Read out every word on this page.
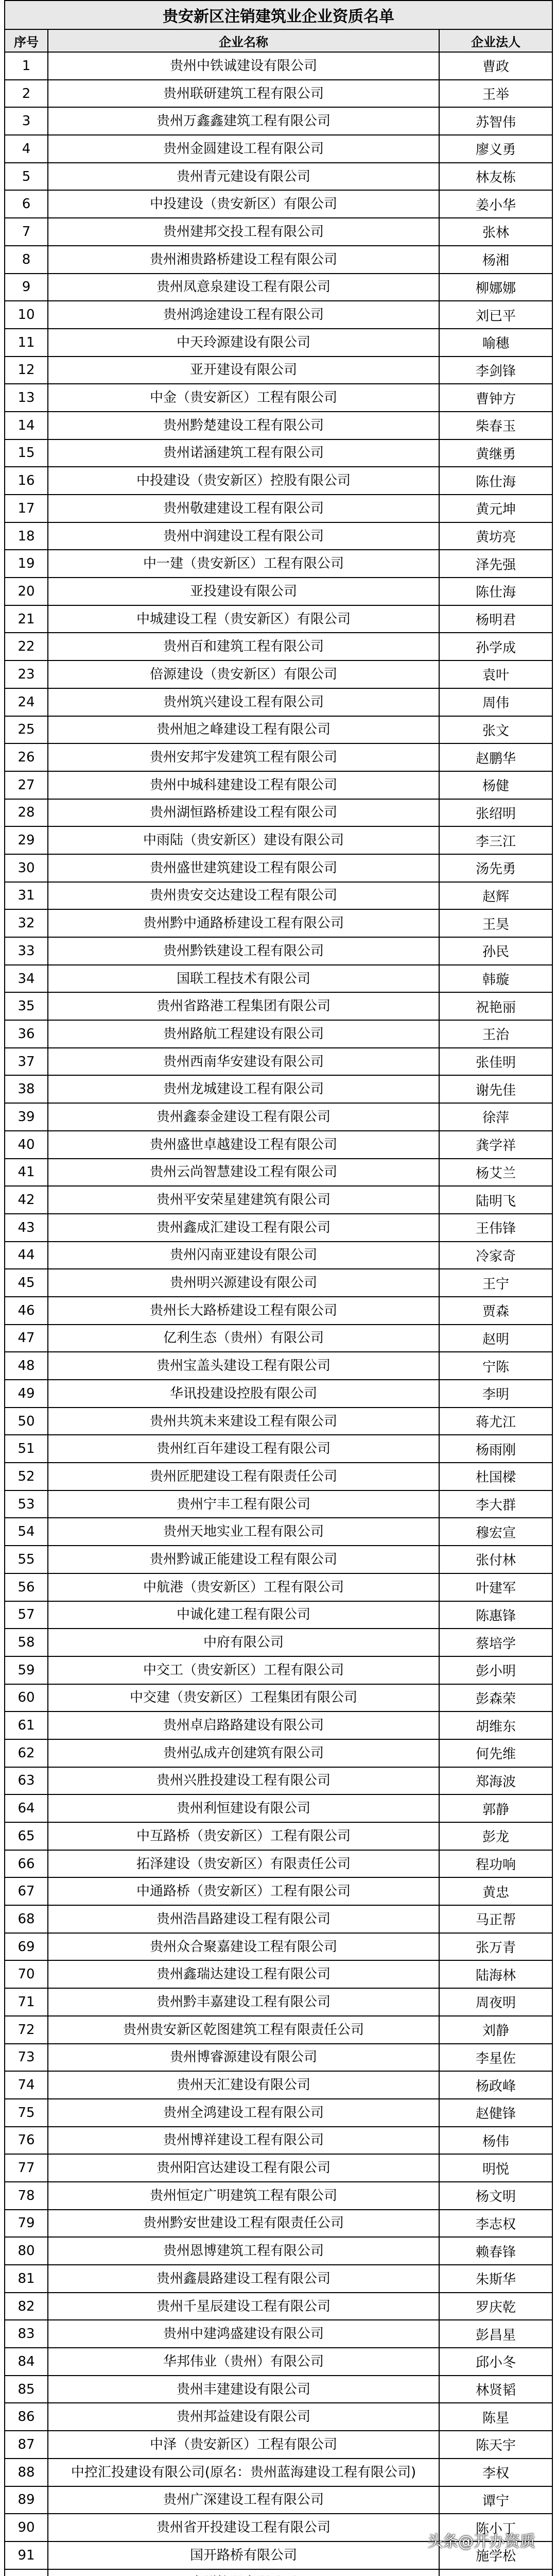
贵安新区注销建筑业企业资质名单		
序号	企业名称	企业法人
1	贵州中铁诚建设有限公司	曹政
2	贵州联研建筑工程有限公司	王举
3	贵州万鑫鑫建筑工程有限公司	苏智伟
4	贵州金圆建设工程有限公司	廖义勇
5	贵州青元建设有限公司	林友栋
6	中投建设（贵安新区）有限公司	姜小华
7	贵州建邦交投工程有限公司	张林
8	贵州湘贵路桥建设工程有限公司	杨湘
9	贵州凤意泉建设工程有限公司	柳娜娜
10	贵州鸿途建设工程有限公司	刘已平
11	中天玲源建设有限公司	喻穗
12	亚开建设有限公司	李剑锋
13	中金（贵安新区）工程有限公司	曹钟方
14	贵州黔楚建设工程有限公司	柴春玉
15	贵州诺涵建筑工程有限公司	黄继勇
16	中投建设（贵安新区）控股有限公司	陈仕海
17	贵州敬建建设工程有限公司	黄元坤
18	贵州中润建设工程有限公司	黄坊亮
19	中一建（贵安新区）工程有限公司	泽先强
20	亚投建设有限公司	陈仕海
21	中城建设工程（贵安新区）有限公司	杨明君
22	贵州百和建筑工程有限公司	孙学成
23	倍源建设（贵安新区）有限公司	袁叶
24	贵州筑兴建设工程有限公司	周伟
25	贵州旭之峰建设工程有限公司	张文
26	贵州安邦宇发建筑工程有限公司	赵鹏华
27	贵州中城科建建设工程有限公司	杨健
28	贵州湖恒路桥建设工程有限公司	张绍明
29	中雨陆（贵安新区）建设有限公司	李三江
30	贵州盛世建筑建设工程有限公司	汤先勇
31	贵州贵安交达建设工程有限公司	赵辉
32	贵州黔中通路桥建设工程有限公司	王昊
33	贵州黔铁建设工程有限公司	孙民
34	国联工程技术有限公司	韩璇
35	贵州省路港工程集团有限公司	祝艳丽
36	贵州路航工程建设有限公司	王治
37	贵州西南华安建设有限公司	张佳明
38	贵州龙城建设工程有限公司	谢先佳
39	贵州鑫泰金建设工程有限公司	徐萍
40	贵州盛世卓越建设工程有限公司	龚学祥
41	贵州云尚智慧建设工程有限公司	杨艾兰
42	贵州平安荣星建建筑有限公司	陆明飞
43	贵州鑫成汇建设工程有限公司	王伟锋
44	贵州闪南亚建设有限公司	冷家奇
45	贵州明兴源建设有限公司	王宁
46	贵州长大路桥建设工程有限公司	贾森
47	亿利生态（贵州）有限公司	赵明
48	贵州宝盖头建设工程有限公司	宁陈
49	华讯投建设控股有限公司	李明
50	贵州共筑未来建设工程有限公司	蒋尤江
51	贵州红百年建设工程有限公司	杨雨刚
52	贵州匠肥建设工程有限责任公司	杜国樑
53	贵州宁丰工程有限公司	李大群
54	贵州天地实业工程有限公司	穆宏宣
55	贵州黔诚正能建设工程有限公司	张付林
56	中航港（贵安新区）工程有限公司	叶建军
57	中诚化建工程有限公司	陈惠锋
58	中府有限公司	蔡培学
59	中交工（贵安新区）工程有限公司	彭小明
60	中交建（贵安新区）工程集团有限公司	彭森荣
61	贵州卓启路路建设有限公司	胡维东
62	贵州弘成卉创建筑有限公司	何先维
63	贵州兴胜投建设工程有限公司	郑海波
64	贵州利恒建设有限公司	郭静
65	中互路桥（贵安新区）工程有限公司	彭龙
66	拓泽建设（贵安新区）有限责任公司	程功响
67	中通路桥（贵安新区）工程有限公司	黄忠
68	贵州浩昌路建设工程有限公司	马正帮
69	贵州众合聚嘉建设工程有限公司	张万青
70	贵州鑫瑞达建设工程有限公司	陆海林
71	贵州黔丰嘉建设工程有限公司	周夜明
72	贵州贵安新区乾图建筑工程有限责任公司	刘静
73	贵州博睿源建设有限公司	李星佐
74	贵州天汇建设有限公司	杨政峰
75	贵州全鸿建设工程有限公司	赵健锋
76	贵州博祥建设工程有限公司	杨伟
77	贵州阳宫达建设工程有限公司	明悦
78	贵州恒定广明建筑工程有限公司	杨文明
79	贵州黔安世建设工程有限责任公司	李志权
80	贵州恩博建筑工程有限公司	赖春锋
81	贵州鑫晨路建设工程有限公司	朱斯华
82	贵州千星辰建设工程有限公司	罗庆乾
83	贵州中建鸿盛建设有限公司	彭昌星
84	华邦伟业（贵州）有限公司	邱小冬
85	贵州丰建建设有限公司	林贤韬
86	贵州邦益建设有限公司	陈星
87	中泽（贵安新区）工程有限公司	陈天宇
88	中控汇投建设有限公司(原名：贵州蓝海建设工程有限公司)	李权
89	贵州广深建设工程有限公司	谭宁
90	贵州省开投建设工程有限公司	陈小丁
91	国开路桥有限公司	施学松

头条@开办资质
